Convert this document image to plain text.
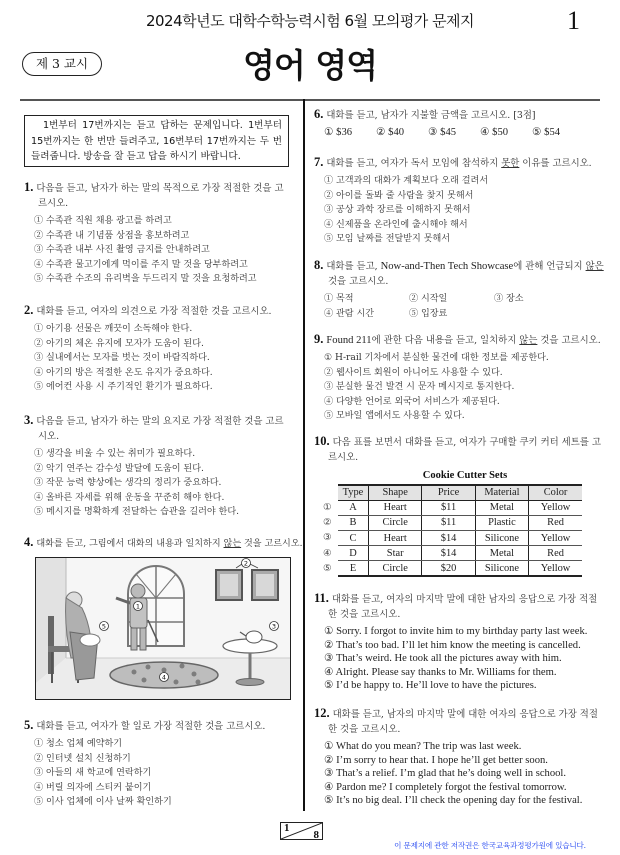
2024학년도 대학수학능력시험 6월 모의평가 문제지	1
제 3 교시	영어 영역
1번부터 17번까지는 듣고 답하는 문제입니다. 1번부터 15번까지는 한 번만 들려주고, 16번부터 17번까지는 두 번 들려줍니다. 방송을 잘 듣고 답을 하시기 바랍니다.
1. 다음을 듣고, 남자가 하는 말의 목적으로 가장 적절한 것을 고르시오.
① 수족관 직원 채용 광고를 하려고
② 수족관 내 기념품 상점을 홍보하려고
③ 수족관 내부 사진 촬영 금지를 안내하려고
④ 수족관 물고기에게 먹이를 주지 말 것을 당부하려고
⑤ 수족관 수조의 유리벽을 두드리지 말 것을 요청하려고
2. 대화를 듣고, 여자의 의견으로 가장 적절한 것을 고르시오.
① 아기용 선물은 깨끗이 소독해야 한다.
② 아기의 체온 유지에 모자가 도움이 된다.
③ 실내에서는 모자를 벗는 것이 바람직하다.
④ 아기의 방은 적절한 온도 유지가 중요하다.
⑤ 에어컨 사용 시 주기적인 환기가 필요하다.
3. 다음을 듣고, 남자가 하는 말의 요지로 가장 적절한 것을 고르시오.
① 생각을 비울 수 있는 취미가 필요하다.
② 악기 연주는 감수성 발달에 도움이 된다.
③ 작문 능력 향상에는 생각의 정리가 중요하다.
④ 올바른 자세를 위해 운동을 꾸준히 해야 한다.
⑤ 메시지를 명확하게 전달하는 습관을 길러야 한다.
4. 대화를 듣고, 그림에서 대화의 내용과 일치하지 않는 것을 고르시오.
2
1
5
4
3
5. 대화를 듣고, 여자가 할 일로 가장 적절한 것을 고르시오.
① 청소 업체 예약하기
② 인터넷 설치 신청하기
③ 아들의 새 학교에 연락하기
④ 버릴 의자에 스티커 붙이기
⑤ 이사 업체에 이사 날짜 확인하기
6. 대화를 듣고, 남자가 지불할 금액을 고르시오. [3점]
① $36	② $40	③ $45	④ $50	⑤ $54
7. 대화를 듣고, 여자가 독서 모임에 참석하지 못한 이유를 고르시오.
① 고객과의 대화가 계획보다 오래 걸려서
② 아이를 돌봐 줄 사람을 찾지 못해서
③ 공상 과학 장르를 이해하지 못해서
④ 신제품을 온라인에 출시해야 해서
⑤ 모임 날짜를 전달받지 못해서
8. 대화를 듣고, Now-and-Then Tech Showcase에 관해 언급되지 않은 것을 고르시오.
① 목적	② 시작일	③ 장소
④ 관람 시간	⑤ 입장료
9. Found 211에 관한 다음 내용을 듣고, 일치하지 않는 것을 고르시오.
① H-rail 기차에서 분실한 물건에 대한 정보를 제공한다.
② 웹사이트 회원이 아니어도 사용할 수 있다.
③ 분실한 물건 발견 시 문자 메시지로 통지한다.
④ 다양한 언어로 외국어 서비스가 제공된다.
⑤ 모바일 앱에서도 사용할 수 있다.
10. 다음 표를 보면서 대화를 듣고, 여자가 구매할 쿠키 커터 세트를 고르시오.
Cookie Cutter Sets
①
②
③
④
⑤
Type	Shape	Price	Material	Color
A	Heart	$11	Metal	Yellow
B	Circle	$11	Plastic	Red
C	Heart	$14	Silicone	Yellow
D	Star	$14	Metal	Red
E	Circle	$20	Silicone	Yellow
11. 대화를 듣고, 여자의 마지막 말에 대한 남자의 응답으로 가장 적절한 것을 고르시오.
① Sorry. I forgot to invite him to my birthday party last week.
② That’s too bad. I’ll let him know the meeting is cancelled.
③ That’s weird. He took all the pictures away with him.
④ Alright. Please say thanks to Mr. Williams for them.
⑤ I’d be happy to. He’ll love to have the pictures.
12. 대화를 듣고, 남자의 마지막 말에 대한 여자의 응답으로 가장 적절한 것을 고르시오.
① What do you mean? The trip was last week.
② I’m sorry to hear that. I hope he’ll get better soon.
③ That’s a relief. I’m glad that he’s doing well in school.
④ Pardon me? I completely forgot the festival tomorrow.
⑤ It’s no big deal. I’ll check the opening day for the festival.
1
8
이 문제지에 관한 저작권은 한국교육과정평가원에 있습니다.
